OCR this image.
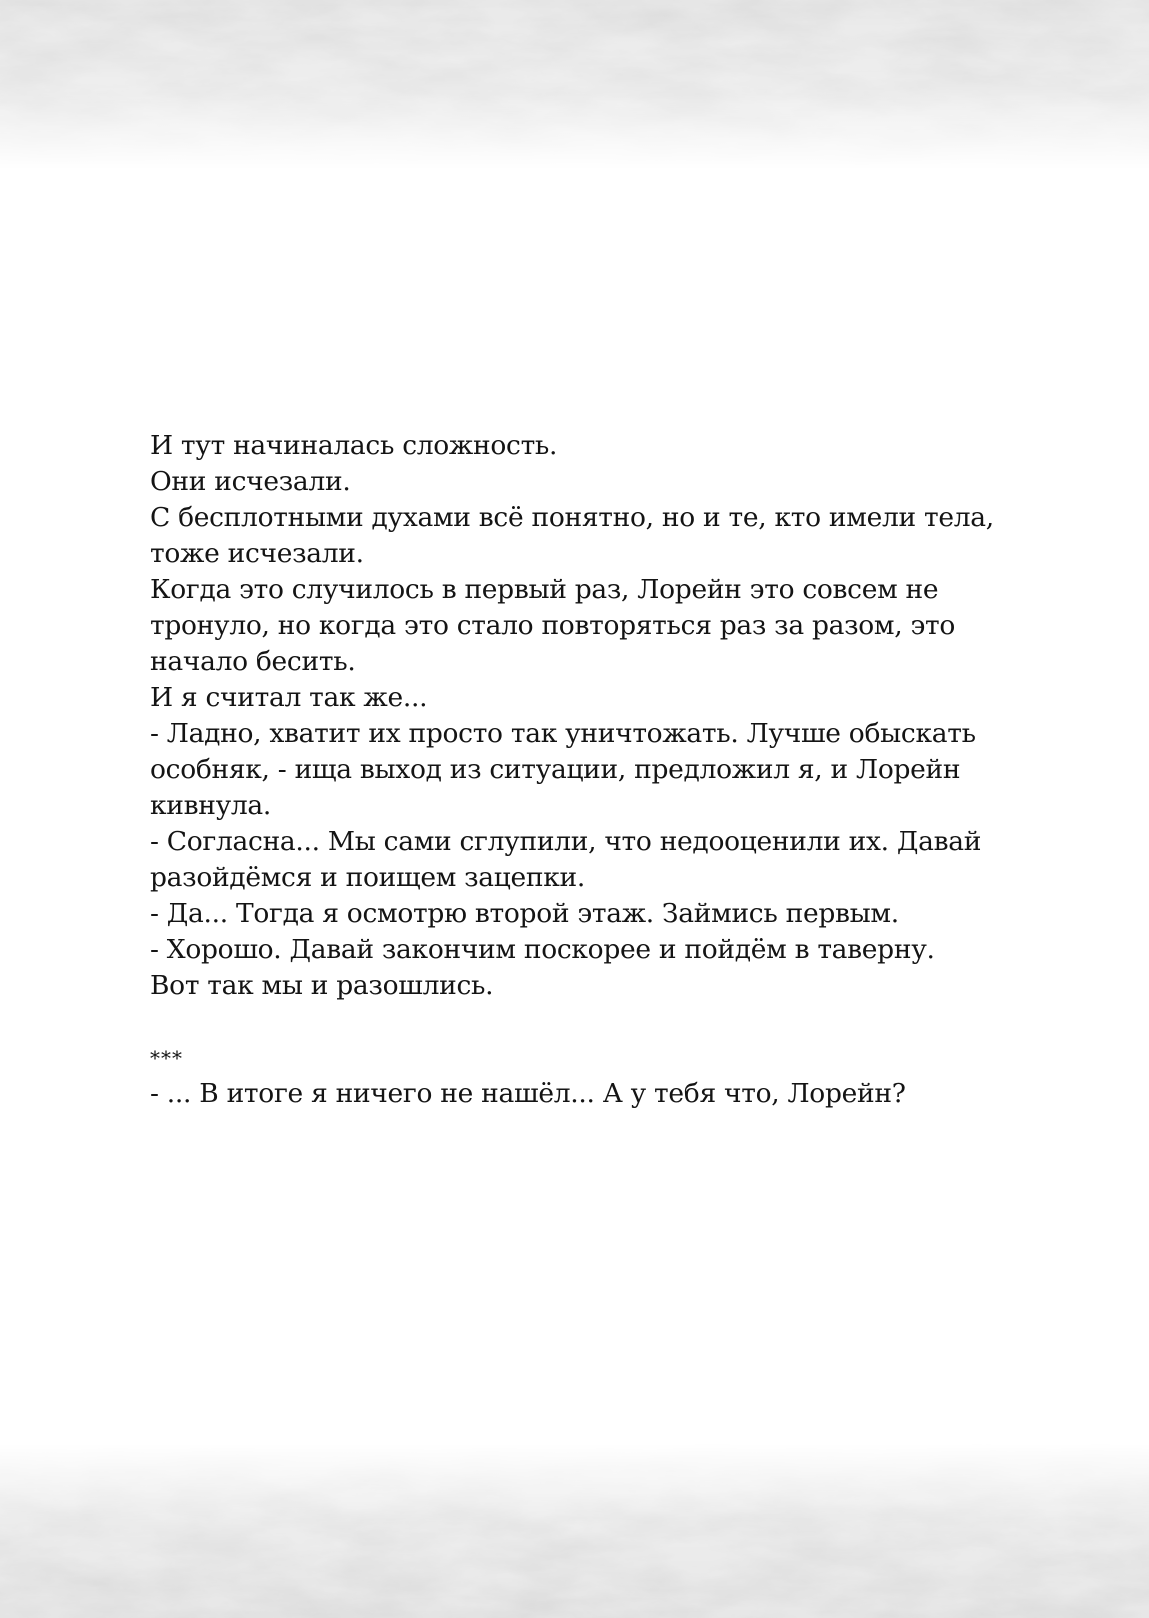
И тут начиналась сложность.

Они исчезали.

С бесплотными духами всё понятно, но и те, кто имели тела, тоже исчезали.

Когда это случилось в первый раз, Лорейн это совсем не тронуло, но когда это стало повторяться раз за разом, это начало бесить.

И я считал так же...

- Ладно, хватит их просто так уничтожать. Лучше обыскать особняк, - ища выход из ситуации, предложил я, и Лорейн кивнула.

- Согласна... Мы сами сглупили, что недооценили их. Давай разойдёмся и поищем зацепки.

- Да... Тогда я осмотрю второй этаж. Займись первым.

- Хорошо. Давай закончим поскорее и пойдём в таверну.

Вот так мы и разошлись.

***

- ... В итоге я ничего не нашёл... А у тебя что, Лорейн?
